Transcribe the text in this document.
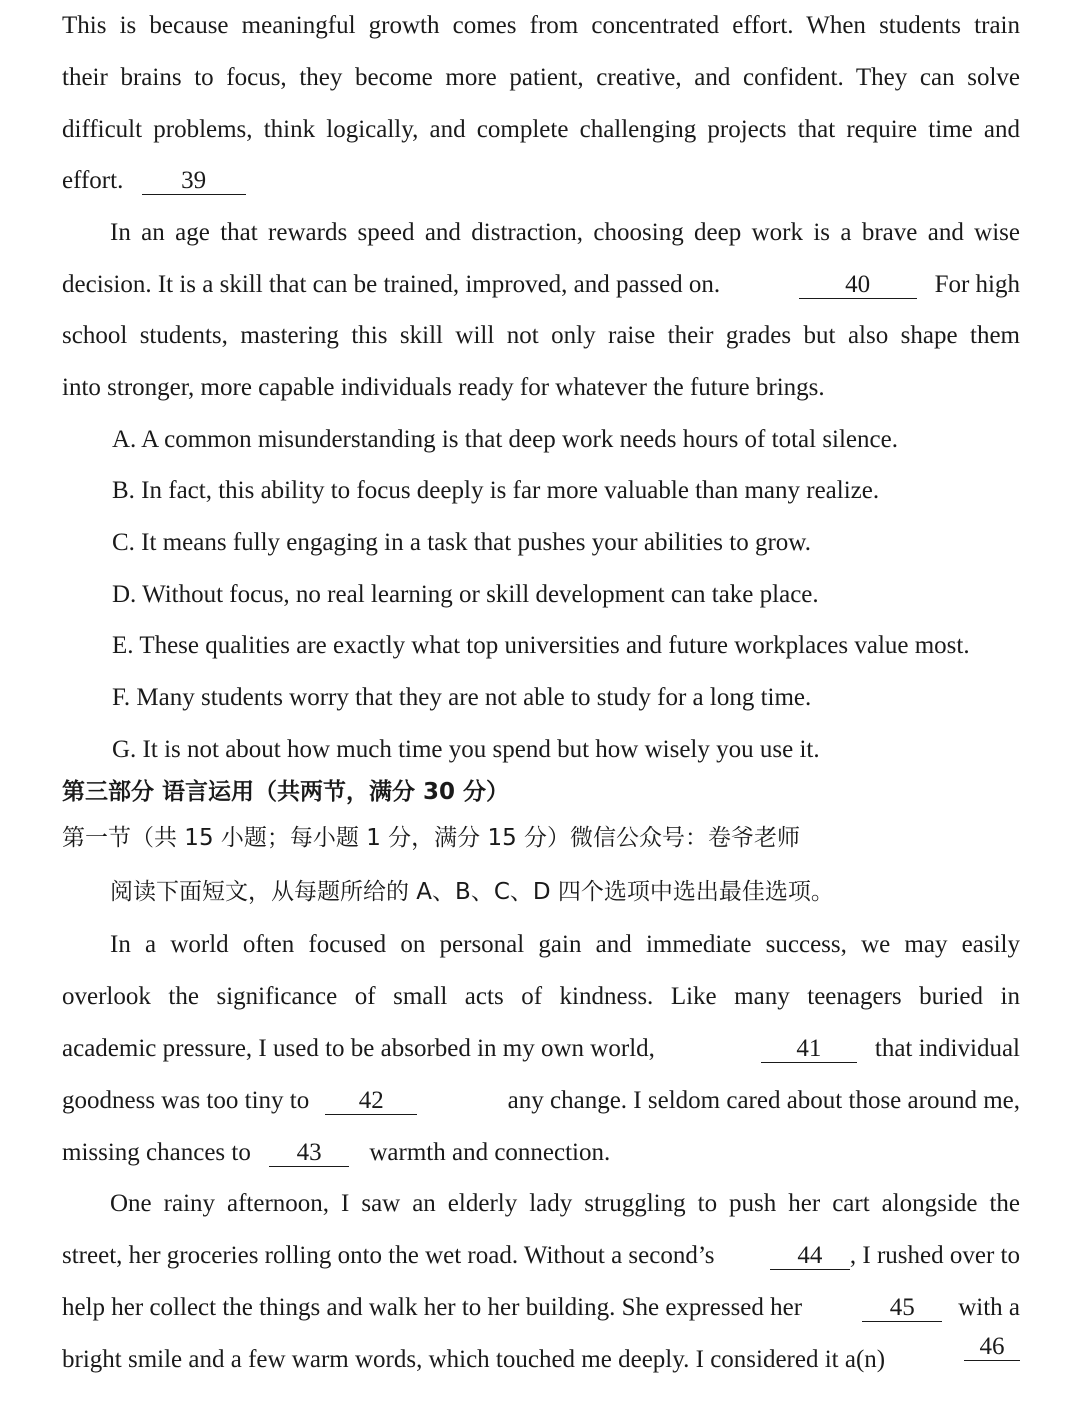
This is because meaningful growth comes from concentrated effort. When students train
their brains to focus, they become more patient, creative, and confident. They can solve
difficult problems, think logically, and complete challenging projects that require time and
effort. 39
In an age that rewards speed and distraction, choosing deep work is a brave and wise
decision. It is a skill that can be trained, improved, and passed on.	40	For high
school students, mastering this skill will not only raise their grades but also shape them
into stronger, more capable individuals ready for whatever the future brings.
A. A common misunderstanding is that deep work needs hours of total silence.
B. In fact, this ability to focus deeply is far more valuable than many realize.
C. It means fully engaging in a task that pushes your abilities to grow.
D. Without focus, no real learning or skill development can take place.
E. These qualities are exactly what top universities and future workplaces value most.
F. Many students worry that they are not able to study for a long time.
G. It is not about how much time you spend but how wisely you use it.
第三部分 语言运用（共两节，满分 30 分）
第一节（共 15 小题；每小题 1 分，满分 15 分）微信公众号：卷爷老师
阅读下面短文，从每题所给的 A、B、C、D 四个选项中选出最佳选项。
In a world often focused on personal gain and immediate success, we may easily
overlook the significance of small acts of kindness. Like many teenagers buried in
academic pressure, I used to be absorbed in my own world,	41	that individual
goodness was too tiny to	42	any change. I seldom cared about those around me,
missing chances to 43 warmth and connection.
One rainy afternoon, I saw an elderly lady struggling to push her cart alongside the
street, her groceries rolling onto the wet road. Without a second’s	44	, I rushed over to
help her collect the things and walk her to her building. She expressed her	45	with a
bright smile and a few warm words, which touched me deeply. I considered it a(n)	46
